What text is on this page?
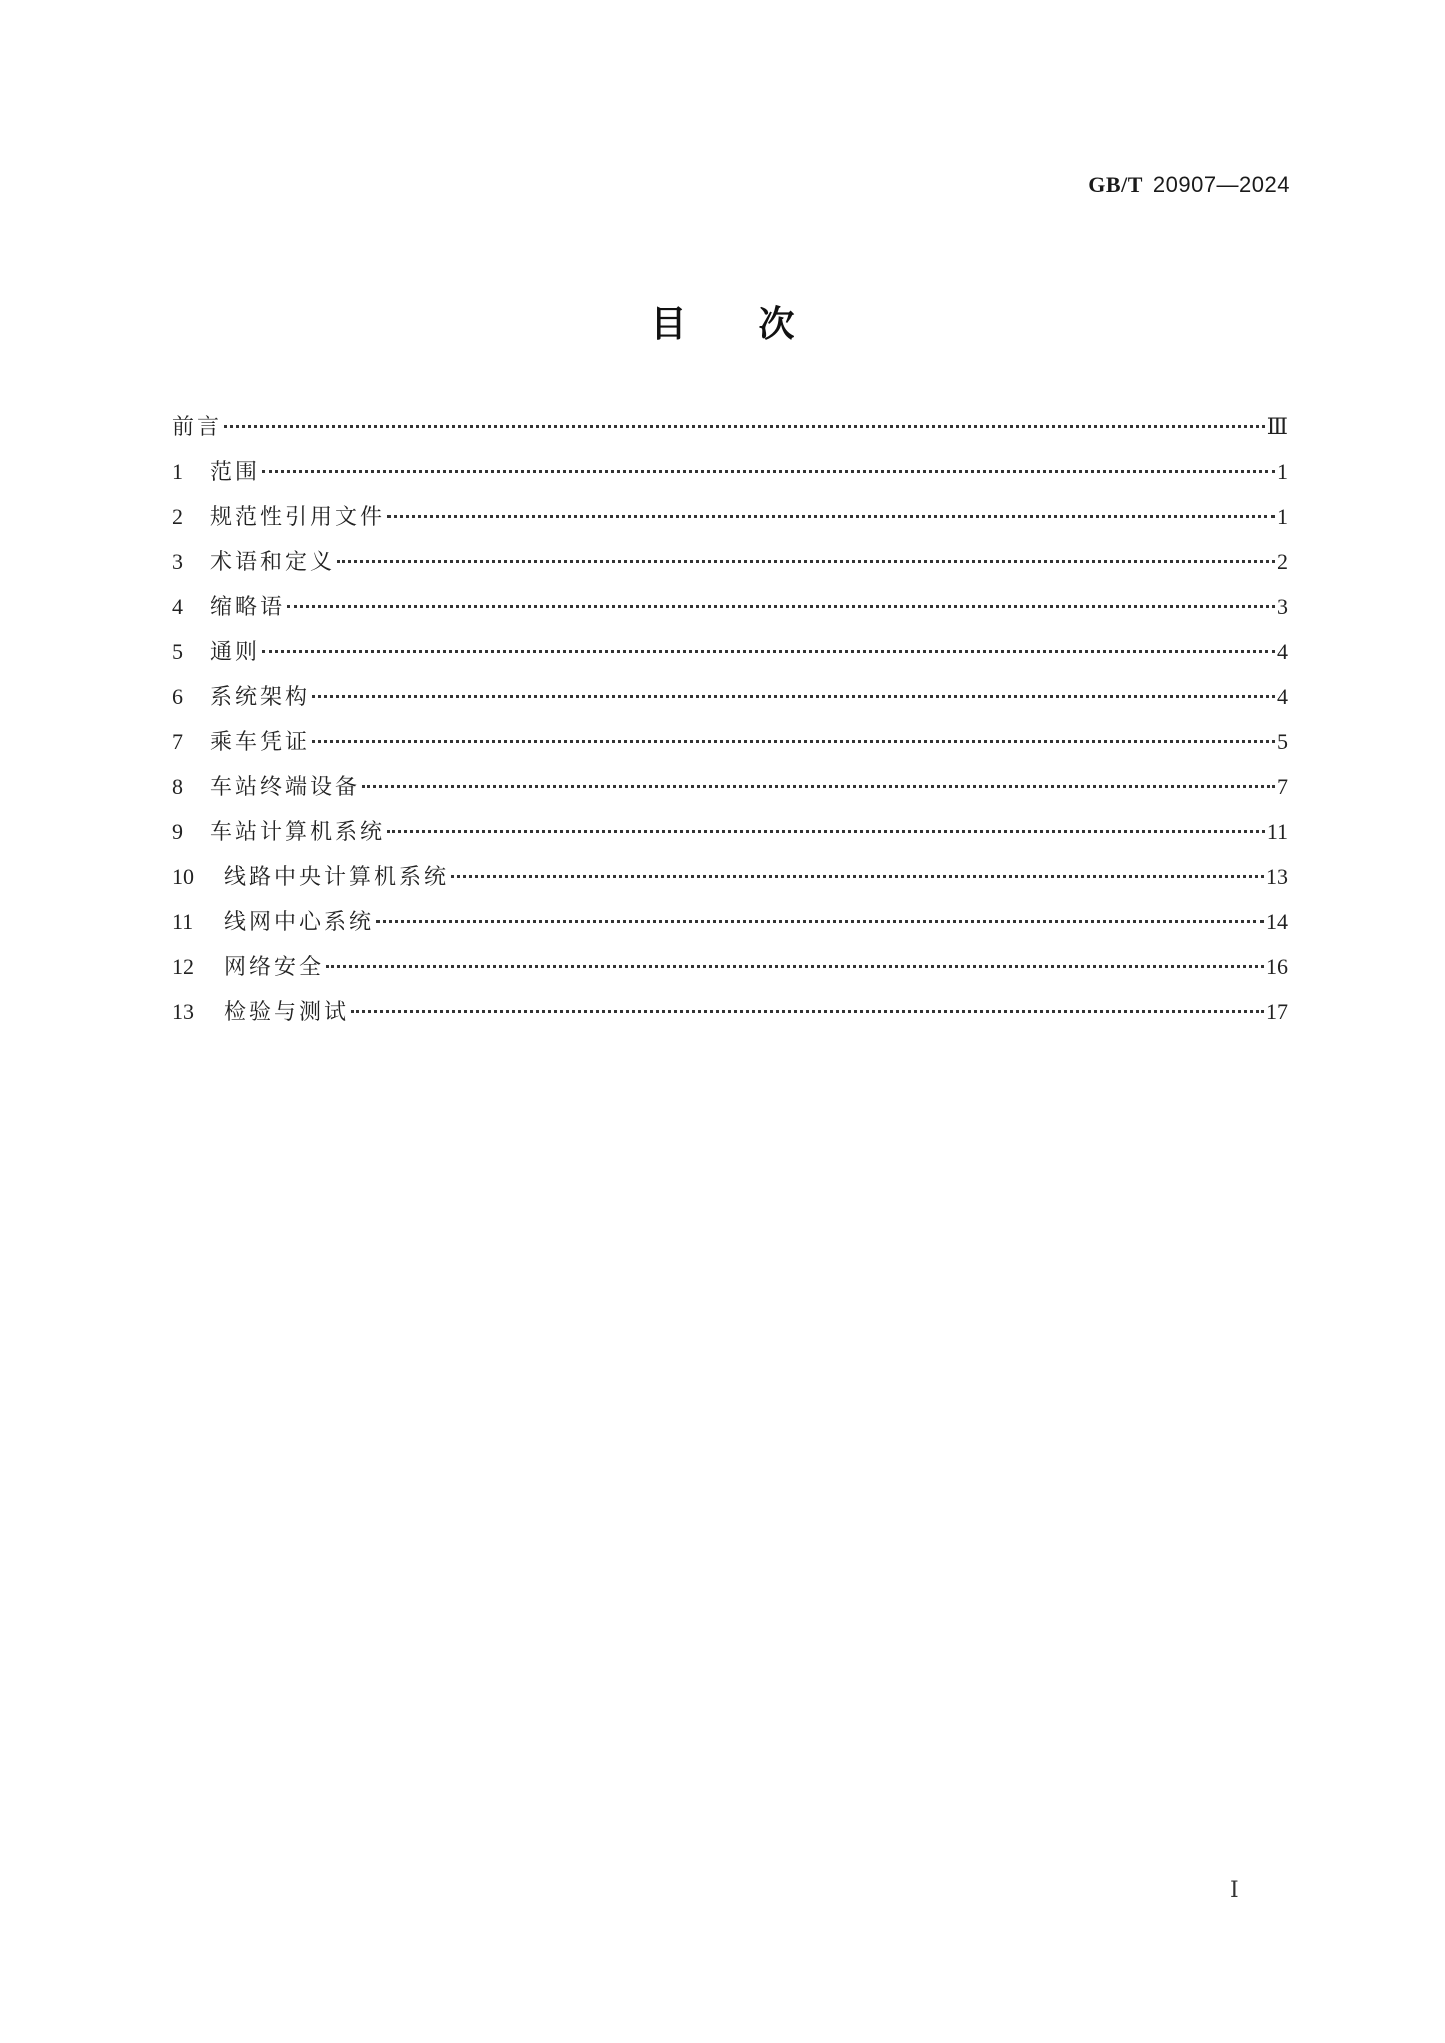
GB/T 20907—2024
目 次
前言	Ⅲ
1	范围	1
2	规范性引用文件	1
3	术语和定义	2
4	缩略语	3
5	通则	4
6	系统架构	4
7	乘车凭证	5
8	车站终端设备	7
9	车站计算机系统	11
10	线路中央计算机系统	13
11	线网中心系统	14
12	网络安全	16
13	检验与测试	17
Ⅰ
